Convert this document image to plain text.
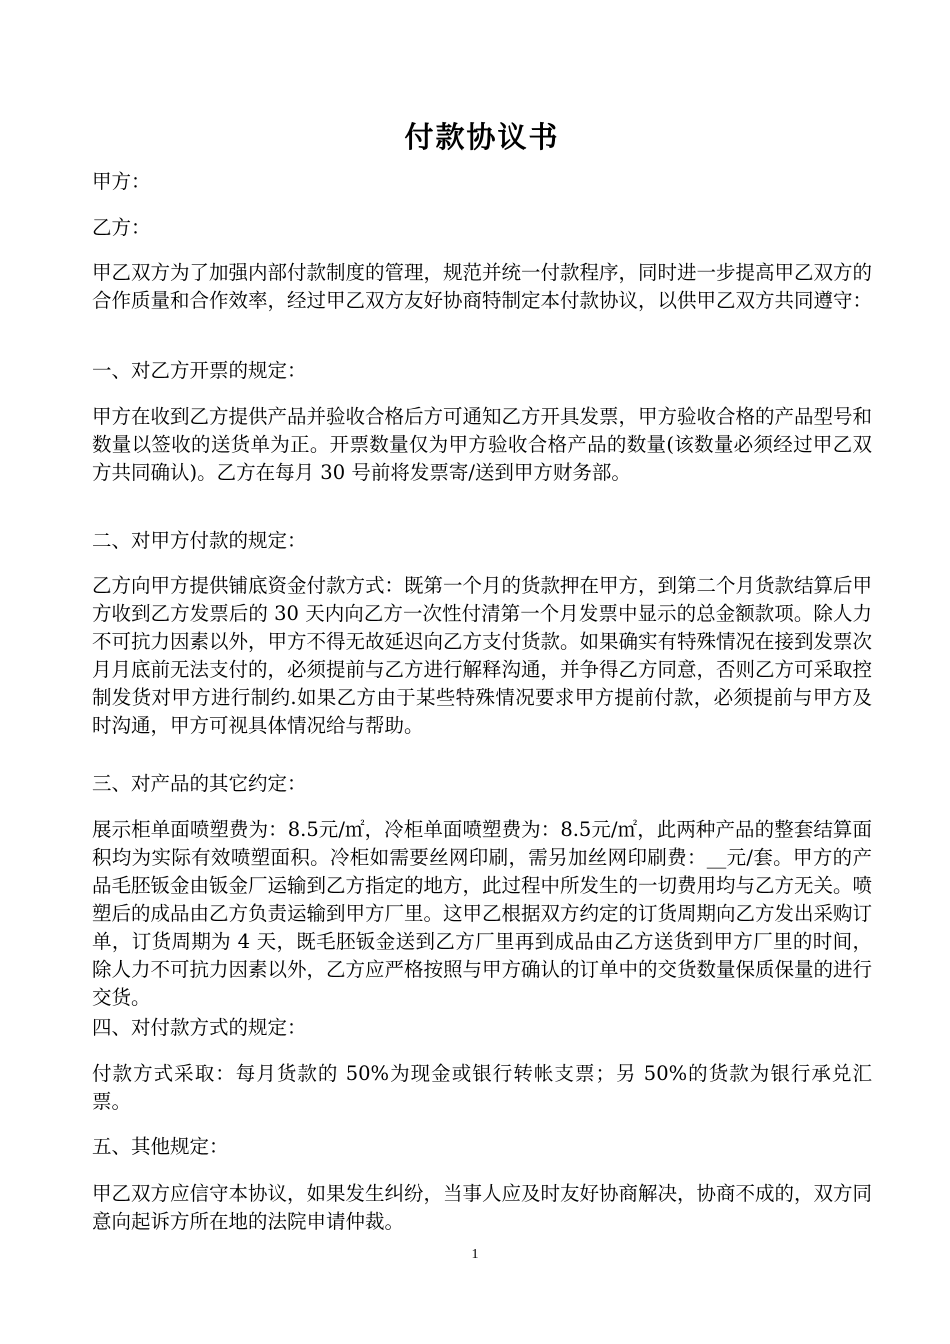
付款协议书

甲方：

乙方：

甲乙双方为了加强内部付款制度的管理，规范并统一付款程序，同时进一步提高甲乙双方的合作质量和合作效率，经过甲乙双方友好协商特制定本付款协议，以供甲乙双方共同遵守：

一、对乙方开票的规定：

甲方在收到乙方提供产品并验收合格后方可通知乙方开具发票，甲方验收合格的产品型号和数量以签收的送货单为正。开票数量仅为甲方验收合格产品的数量(该数量必须经过甲乙双方共同确认)。乙方在每月 30 号前将发票寄/送到甲方财务部。

二、对甲方付款的规定：

乙方向甲方提供铺底资金付款方式：既第一个月的货款押在甲方，到第二个月货款结算后甲方收到乙方发票后的 30 天内向乙方一次性付清第一个月发票中显示的总金额款项。除人力不可抗力因素以外，甲方不得无故延迟向乙方支付货款。如果确实有特殊情况在接到发票次月月底前无法支付的，必须提前与乙方进行解释沟通，并争得乙方同意，否则乙方可采取控制发货对甲方进行制约.如果乙方由于某些特殊情况要求甲方提前付款，必须提前与甲方及时沟通，甲方可视具体情况给与帮助。

三、对产品的其它约定：

展示柜单面喷塑费为：8.5元/㎡，冷柜单面喷塑费为：8.5元/㎡，此两种产品的整套结算面积均为实际有效喷塑面积。冷柜如需要丝网印刷，需另加丝网印刷费：__元/套。甲方的产品毛胚钣金由钣金厂运输到乙方指定的地方，此过程中所发生的一切费用均与乙方无关。喷塑后的成品由乙方负责运输到甲方厂里。这甲乙根据双方约定的订货周期向乙方发出采购订单，订货周期为 4 天，既毛胚钣金送到乙方厂里再到成品由乙方送货到甲方厂里的时间，除人力不可抗力因素以外，乙方应严格按照与甲方确认的订单中的交货数量保质保量的进行交货。

四、对付款方式的规定：

付款方式采取：每月货款的 50%为现金或银行转帐支票；另 50%的货款为银行承兑汇票。

五、其他规定：

甲乙双方应信守本协议，如果发生纠纷，当事人应及时友好协商解决，协商不成的，双方同意向起诉方所在地的法院申请仲裁。

1
